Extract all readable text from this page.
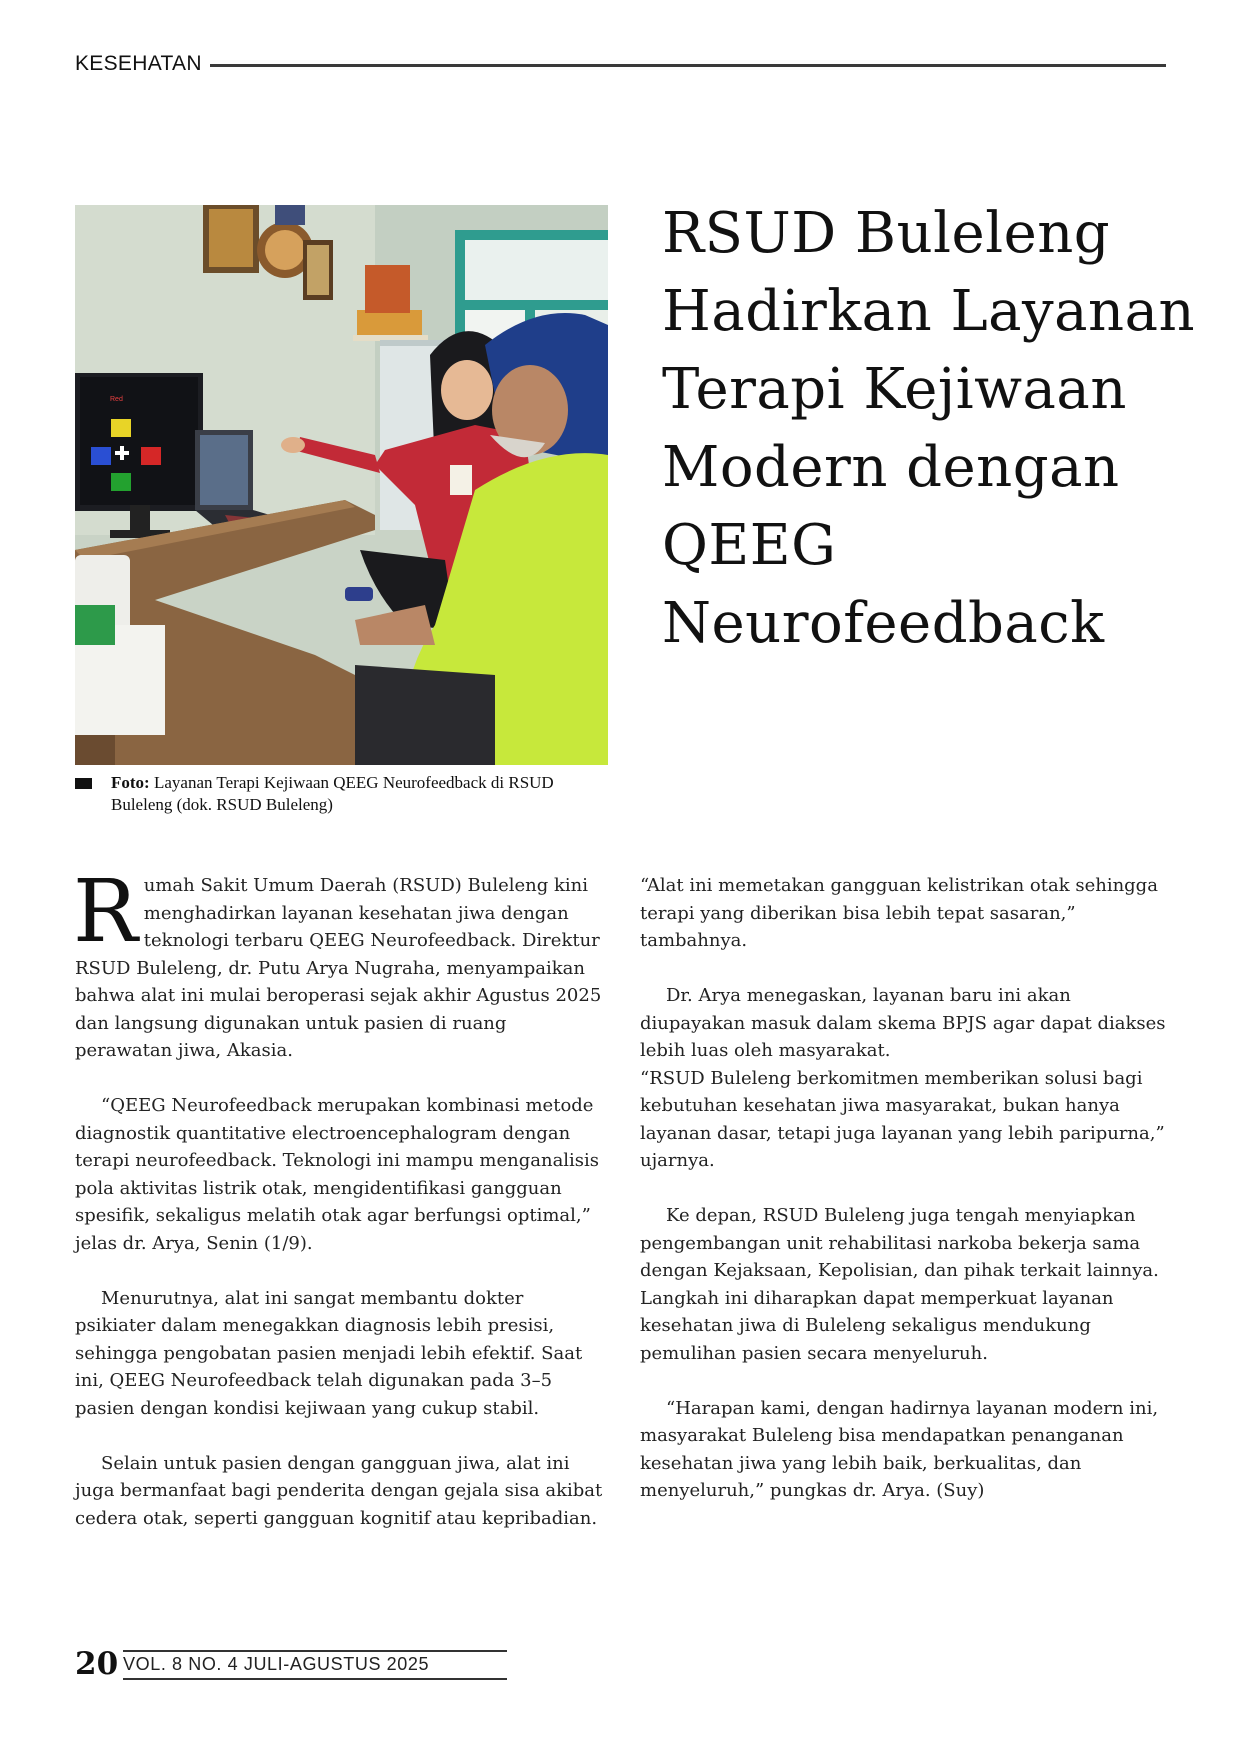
KESEHATAN
Red
Foto: Layanan Terapi Kejiwaan QEEG Neurofeedback di RSUD Buleleng (dok. RSUD Buleleng)
RSUD Buleleng Hadirkan Layanan Terapi Kejiwaan Modern dengan QEEG Neurofeedback

Rumah Sakit Umum Daerah (RSUD) Buleleng kini menghadirkan layanan kesehatan jiwa dengan teknologi terbaru QEEG Neurofeedback. Direktur RSUD Buleleng, dr. Putu Arya Nugraha, menyampaikan bahwa alat ini mulai beroperasi sejak akhir Agustus 2025 dan langsung digunakan untuk pasien di ruang perawatan jiwa, Akasia.

“QEEG Neurofeedback merupakan kombinasi metode diagnostik quantitative electroencephalogram dengan terapi neurofeedback. Teknologi ini mampu menganalisis pola aktivitas listrik otak, mengidentifikasi gangguan spesifik, sekaligus melatih otak agar berfungsi optimal,” jelas dr. Arya, Senin (1/9).

Menurutnya, alat ini sangat membantu dokter psikiater dalam menegakkan diagnosis lebih presisi, sehingga pengobatan pasien menjadi lebih efektif. Saat ini, QEEG Neurofeedback telah digunakan pada 3–5 pasien dengan kondisi kejiwaan yang cukup stabil.

Selain untuk pasien dengan gangguan jiwa, alat ini juga bermanfaat bagi penderita dengan gejala sisa akibat cedera otak, seperti gangguan kognitif atau kepribadian.

“Alat ini memetakan gangguan kelistrikan otak sehingga terapi yang diberikan bisa lebih tepat sasaran,” tambahnya.

Dr. Arya menegaskan, layanan baru ini akan diupayakan masuk dalam skema BPJS agar dapat diakses lebih luas oleh masyarakat.

“RSUD Buleleng berkomitmen memberikan solusi bagi kebutuhan kesehatan jiwa masyarakat, bukan hanya layanan dasar, tetapi juga layanan yang lebih paripurna,” ujarnya.

Ke depan, RSUD Buleleng juga tengah menyiapkan pengembangan unit rehabilitasi narkoba bekerja sama dengan Kejaksaan, Kepolisian, dan pihak terkait lainnya. Langkah ini diharapkan dapat memperkuat layanan kesehatan jiwa di Buleleng sekaligus mendukung pemulihan pasien secara menyeluruh.

“Harapan kami, dengan hadirnya layanan modern ini, masyarakat Buleleng bisa mendapatkan penanganan kesehatan jiwa yang lebih baik, berkualitas, dan menyeluruh,” pungkas dr. Arya. (Suy)

20 VOL. 8 NO. 4 JULI-AGUSTUS 2025
